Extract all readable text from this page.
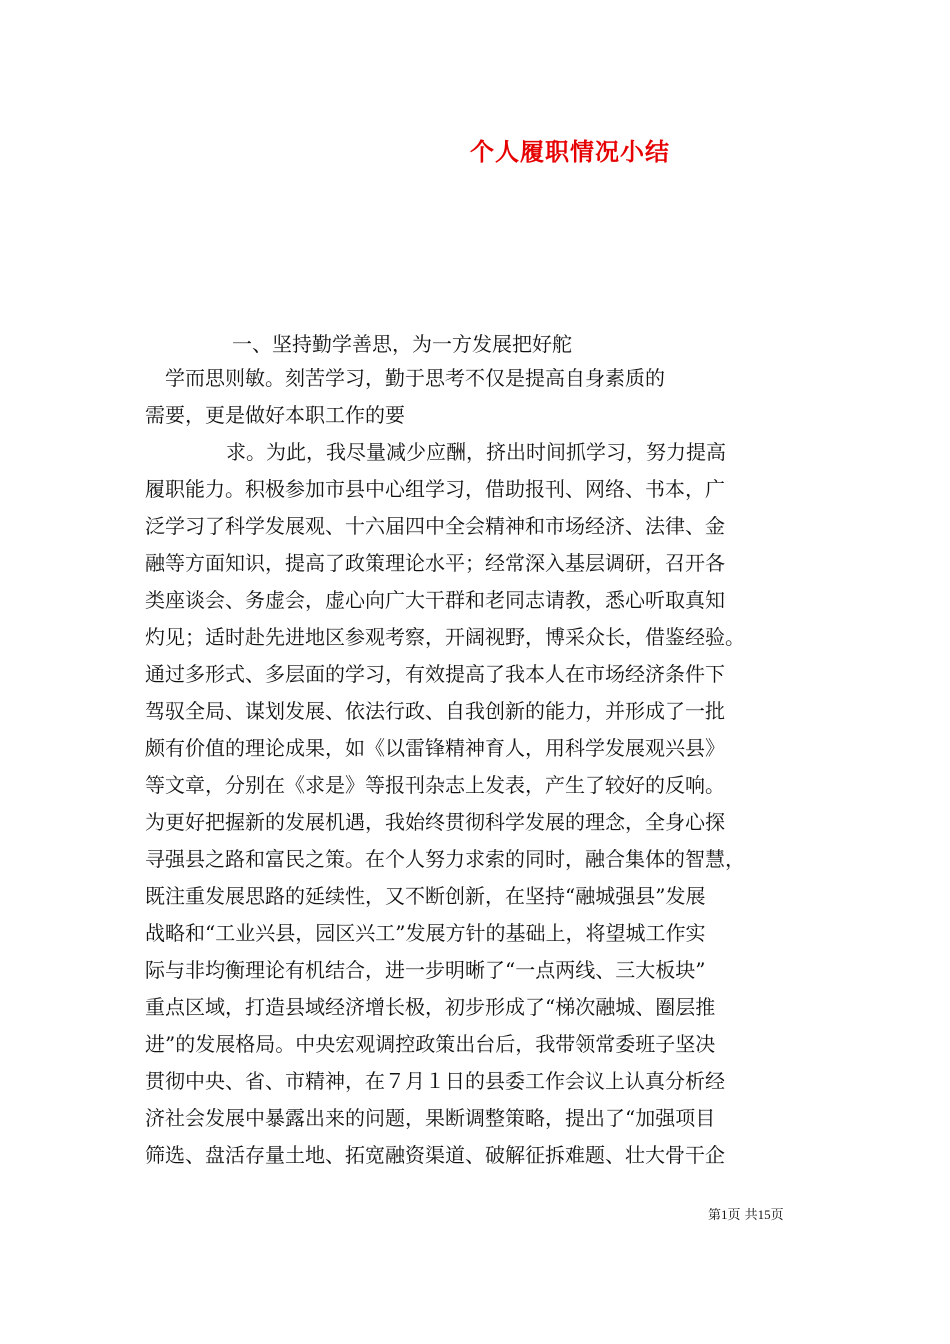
个人履职情况小结
一、坚持勤学善思，为一方发展把好舵
　学而思则敏。刻苦学习，勤于思考不仅是提高自身素质的
需要，更是做好本职工作的要
　　求。为此，我尽量减少应酬，挤出时间抓学习，努力提高
履职能力。积极参加市县中心组学习，借助报刊、网络、书本，广
泛学习了科学发展观、十六届四中全会精神和市场经济、法律、金
融等方面知识，提高了政策理论水平；经常深入基层调研，召开各
类座谈会、务虚会，虚心向广大干群和老同志请教，悉心听取真知
灼见；适时赴先进地区参观考察，开阔视野，博采众长，借鉴经验。
通过多形式、多层面的学习，有效提高了我本人在市场经济条件下
驾驭全局、谋划发展、依法行政、自我创新的能力，并形成了一批
颇有价值的理论成果，如《以雷锋精神育人，用科学发展观兴县》
等文章，分别在《求是》等报刊杂志上发表，产生了较好的反响。
为更好把握新的发展机遇，我始终贯彻科学发展的理念，全身心探
寻强县之路和富民之策。在个人努力求索的同时，融合集体的智慧，
既注重发展思路的延续性，又不断创新，在坚持“融城强县”发展
战略和“工业兴县，园区兴工”发展方针的基础上，将望城工作实
际与非均衡理论有机结合，进一步明晰了“一点两线、三大板块”
重点区域，打造县域经济增长极，初步形成了“梯次融城、圈层推
进”的发展格局。中央宏观调控政策出台后，我带领常委班子坚决
贯彻中央、省、市精神，在７月１日的县委工作会议上认真分析经
济社会发展中暴露出来的问题，果断调整策略，提出了“加强项目
筛选、盘活存量土地、拓宽融资渠道、破解征拆难题、壮大骨干企
第1页 共15页
